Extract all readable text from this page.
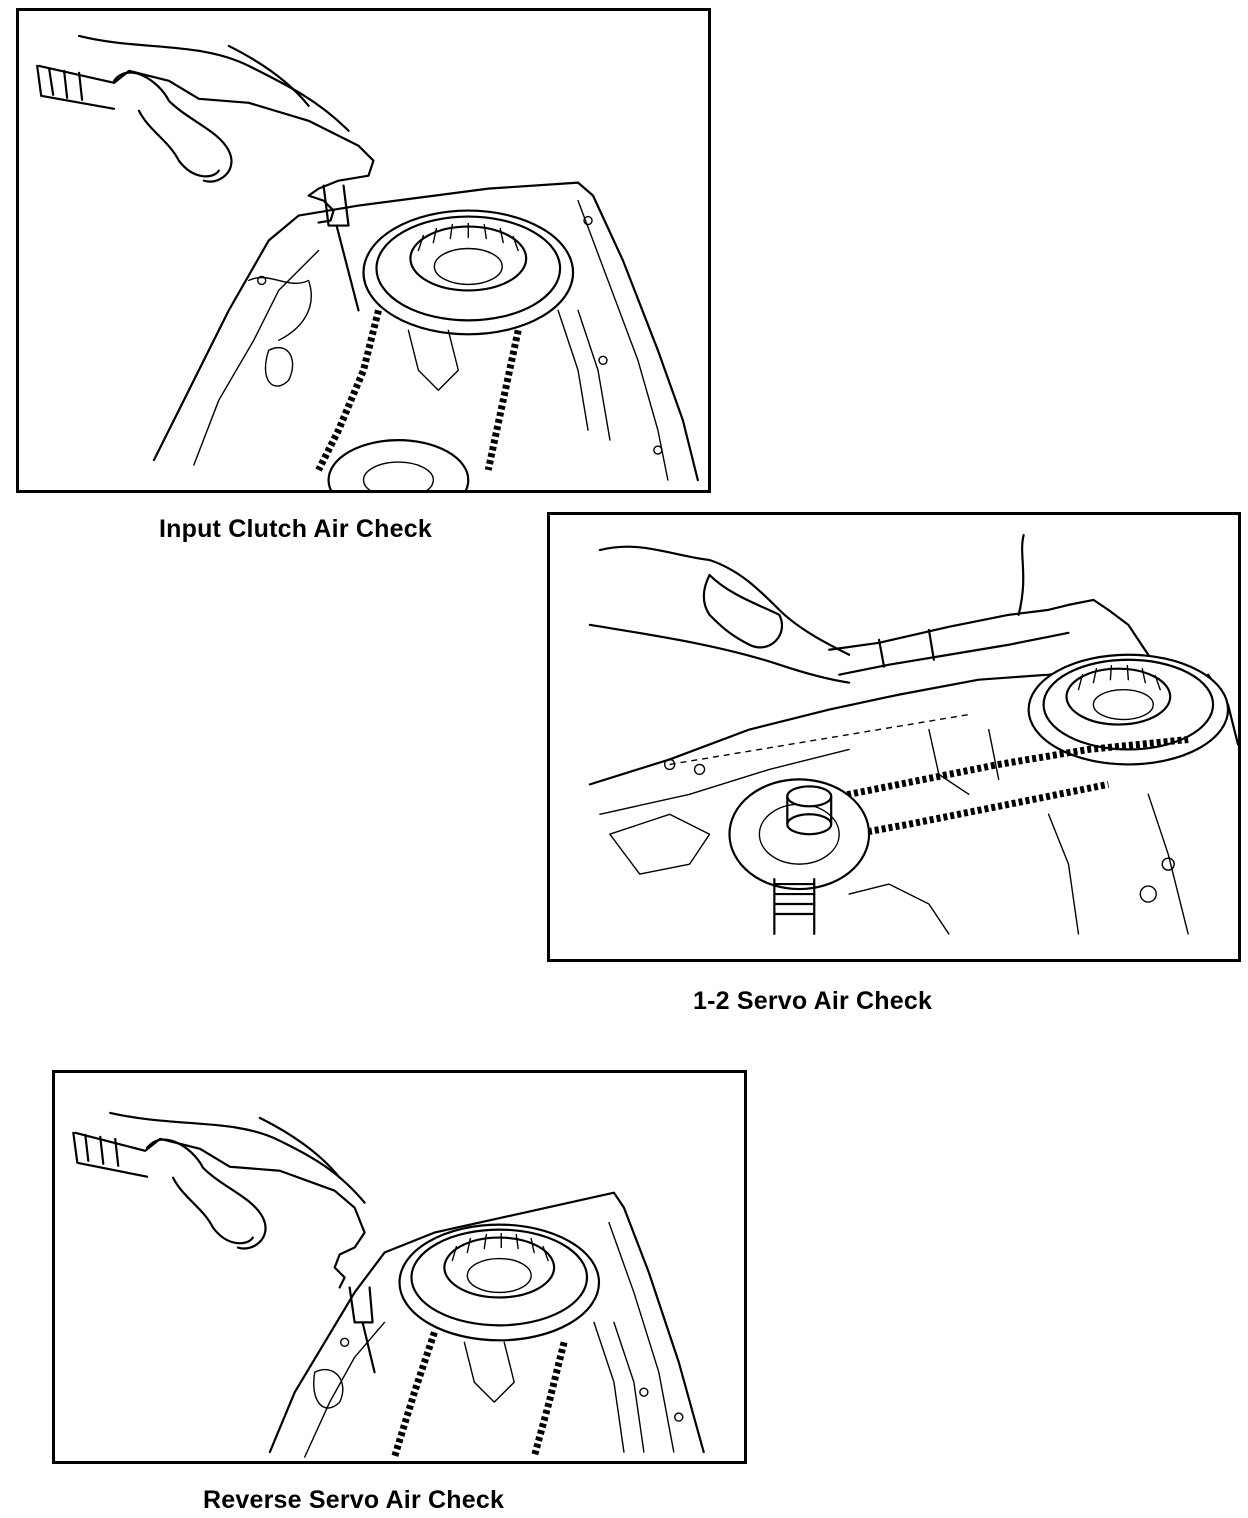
Input Clutch Air Check
1-2 Servo Air Check
Reverse Servo Air Check
